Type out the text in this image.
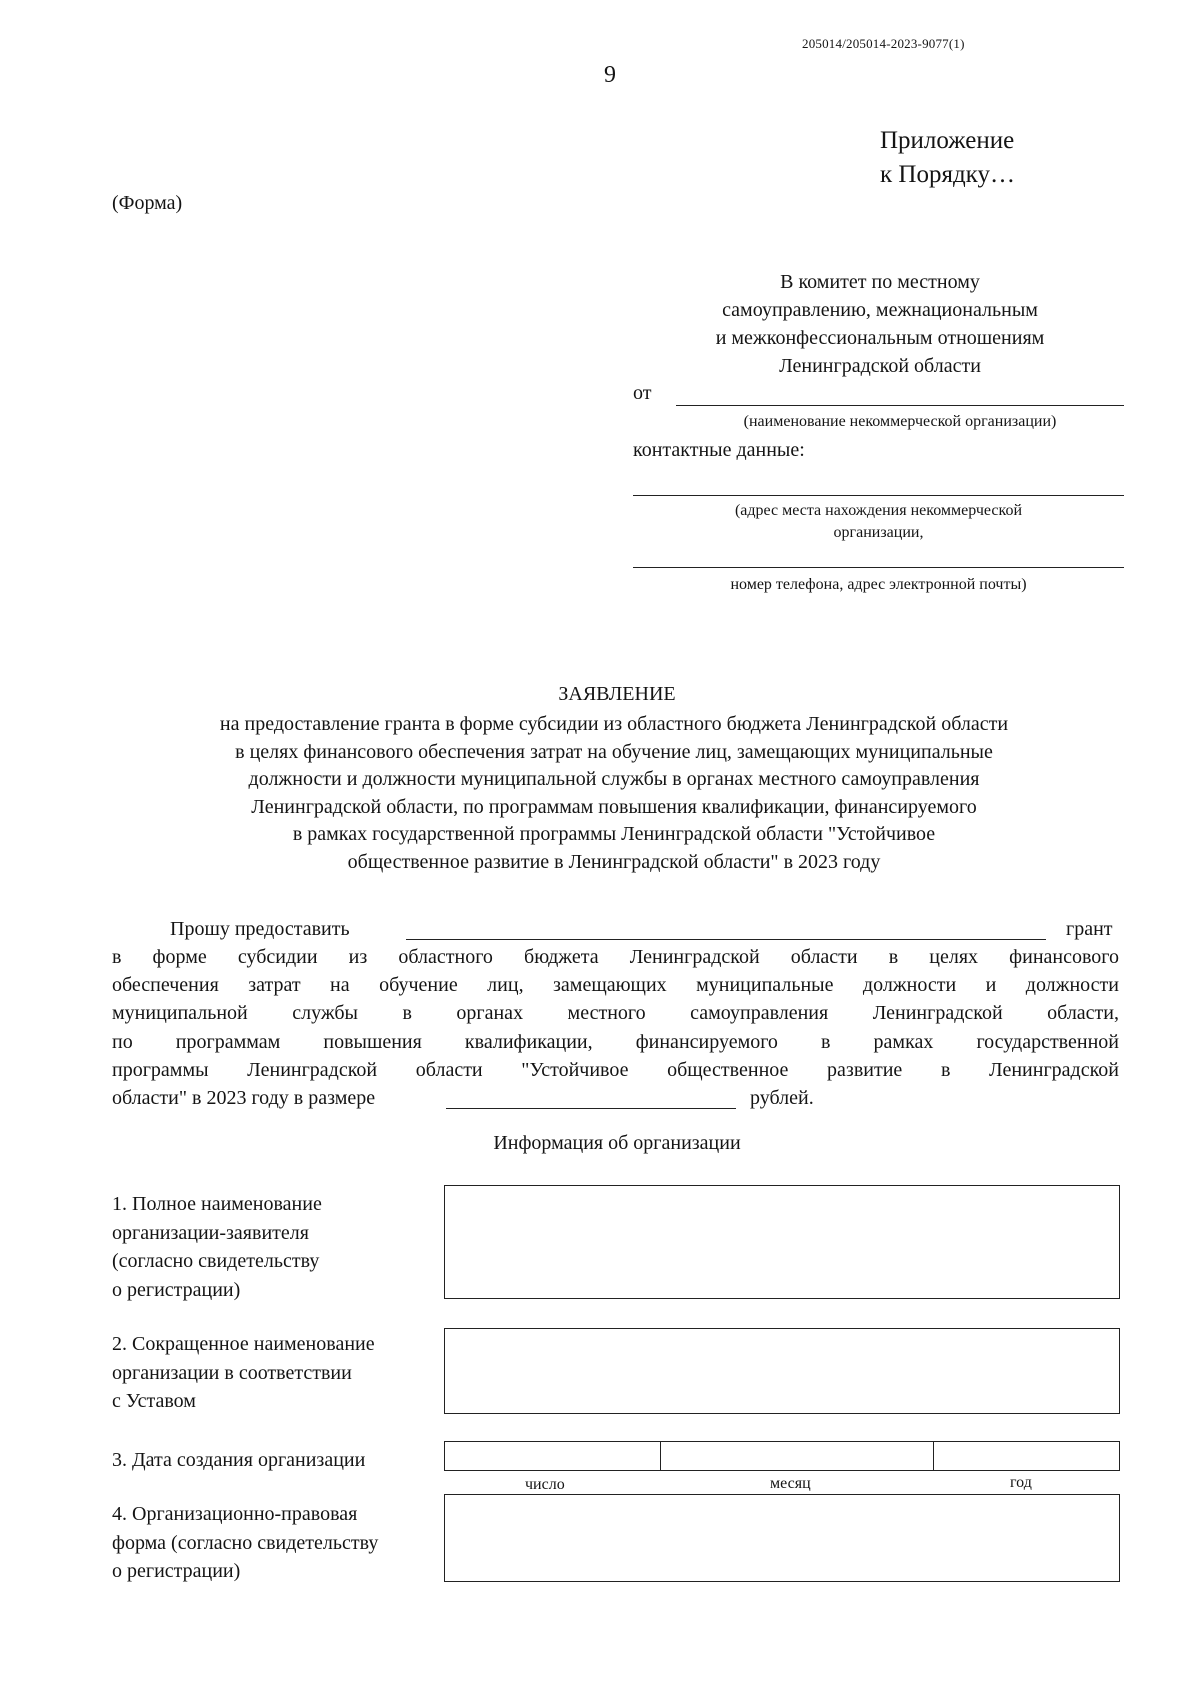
205014/205014-2023-9077(1)
9
Приложение
к Порядку…
(Форма)
В комитет по местному
самоуправлению, межнациональным
и межконфессиональным отношениям
Ленинградской области
от
(наименование некоммерческой организации)
контактные данные:
(адрес места нахождения некоммерческой
организации,
номер телефона, адрес электронной почты)
ЗАЯВЛЕНИЕ
на предоставление гранта в форме субсидии из областного бюджета Ленинградской области
в целях финансового обеспечения затрат на обучение лиц, замещающих муниципальные
должности и должности муниципальной службы в органах местного самоуправления
Ленинградской области, по программам повышения квалификации, финансируемого
в рамках государственной программы Ленинградской области "Устойчивое
общественное развитие в Ленинградской области" в 2023 году
Прошу предоставить	грант
в форме субсидии из областного бюджета Ленинградской области в целях финансового
обеспечения затрат на обучение лиц, замещающих муниципальные должности и должности
муниципальной службы в органах местного самоуправления Ленинградской области,
по программам повышения квалификации, финансируемого в рамках государственной
программы Ленинградской области "Устойчивое общественное развитие в Ленинградской
области" в 2023 году в размере	рублей.
Информация об организации
1. Полное наименование
организации-заявителя
(согласно свидетельству
о регистрации)
2. Сокращенное наименование
организации в соответствии
с Уставом
3. Дата создания организации
число	месяц	год
4. Организационно-правовая
форма (согласно свидетельству
о регистрации)
